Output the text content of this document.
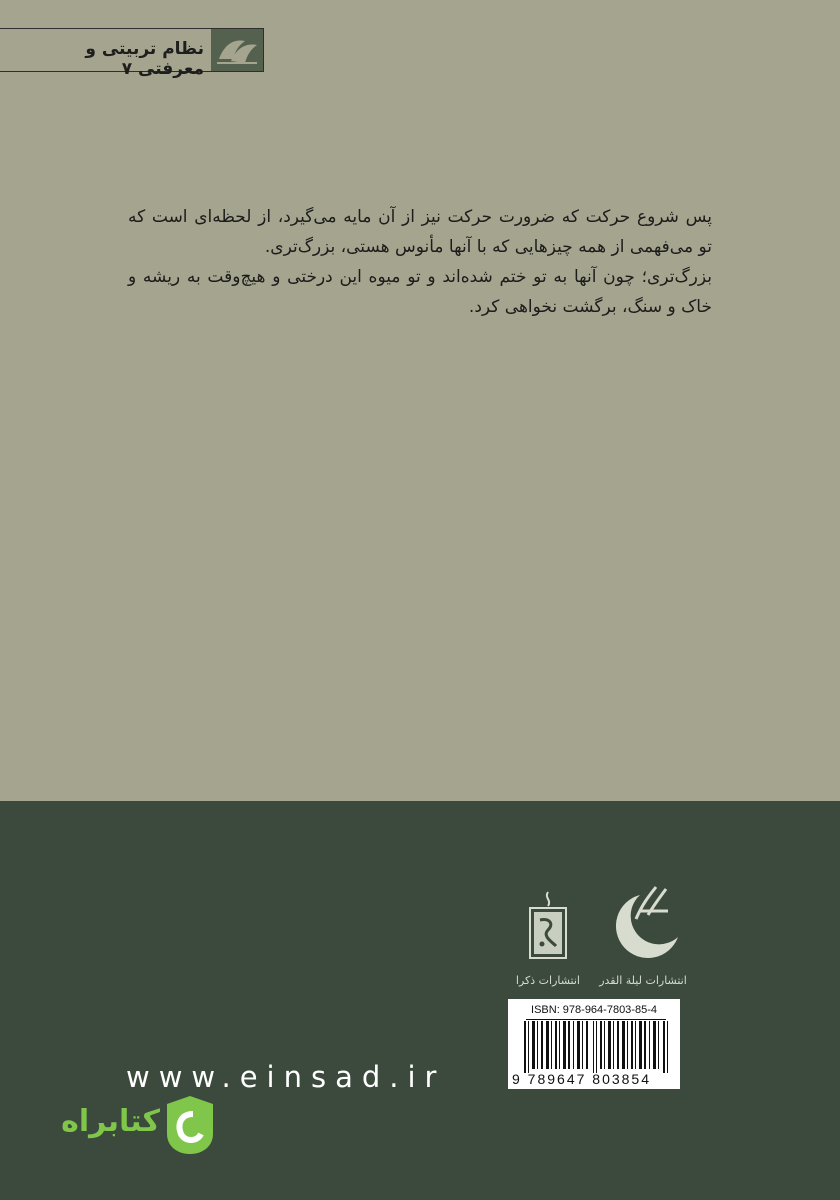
نظام تربیتی و معرفتی ۷

پس شروع حرکت که ضرورت حرکت نیز از آن مایه می‌گیرد، از لحظه‌ای است که تو می‌فهمی از همه چیزهایی که با آنها مأنوس هستی، بزرگ‌تری.

بزرگ‌تری؛ چون آنها به تو ختم شده‌اند و تو میوه این درختی و هیچ‌وقت به ریشه و خاک و سنگ، برگشت نخواهی کرد.

انتشارات ذکرا انتشارات لیلة القدر
ISBN: 978-964-7803-85-4
9 789647 803854
www.einsad.ir
کتابراه
